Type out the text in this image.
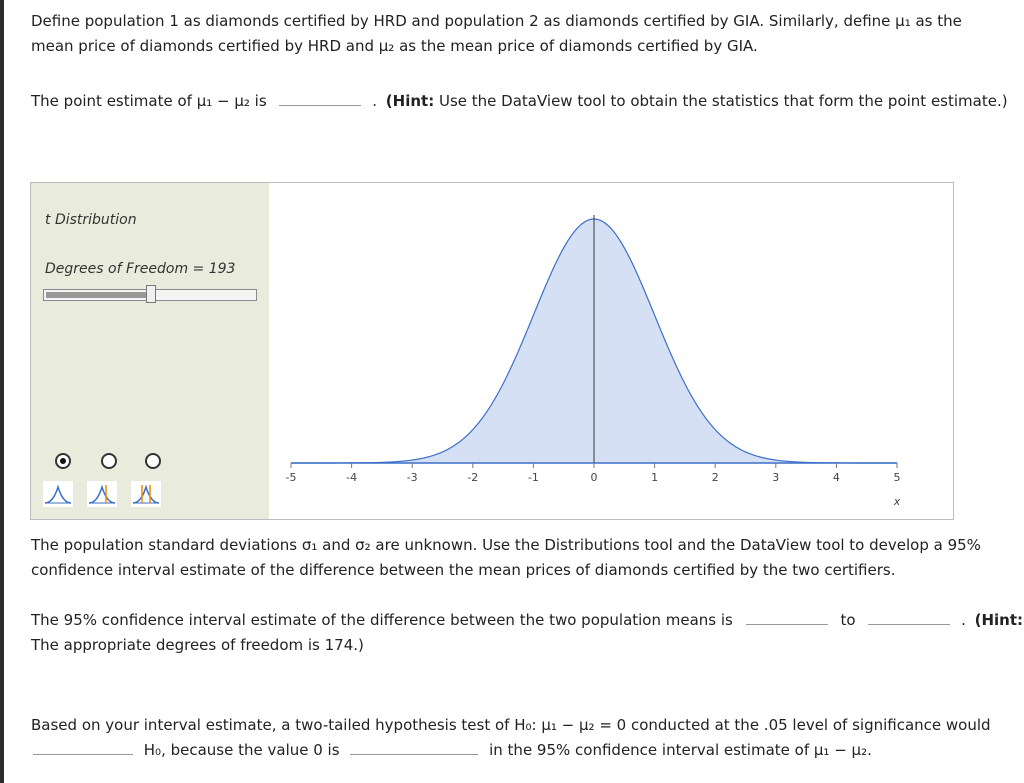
Define population 1 as diamonds certified by HRD and population 2 as diamonds certified by GIA. Similarly, define μ₁ as the
mean price of diamonds certified by HRD and μ₂ as the mean price of diamonds certified by GIA.
The point estimate of μ₁ − μ₂ is	. (Hint: Use the DataView tool to obtain the statistics that form the point estimate.)
t Distribution
Degrees of Freedom = 193
-5	-4	-3	-2	-1	0	1	2	3	4	5
x
The population standard deviations σ₁ and σ₂ are unknown. Use the Distributions tool and the DataView tool to develop a 95%
confidence interval estimate of the difference between the mean prices of diamonds certified by the two certifiers.
The 95% confidence interval estimate of the difference between the two population means is	to	. (Hint:
The appropriate degrees of freedom is 174.)
Based on your interval estimate, a two-tailed hypothesis test of H₀: μ₁ − μ₂ = 0 conducted at the .05 level of significance would
H₀, because the value 0 is	in the 95% confidence interval estimate of μ₁ − μ₂.
